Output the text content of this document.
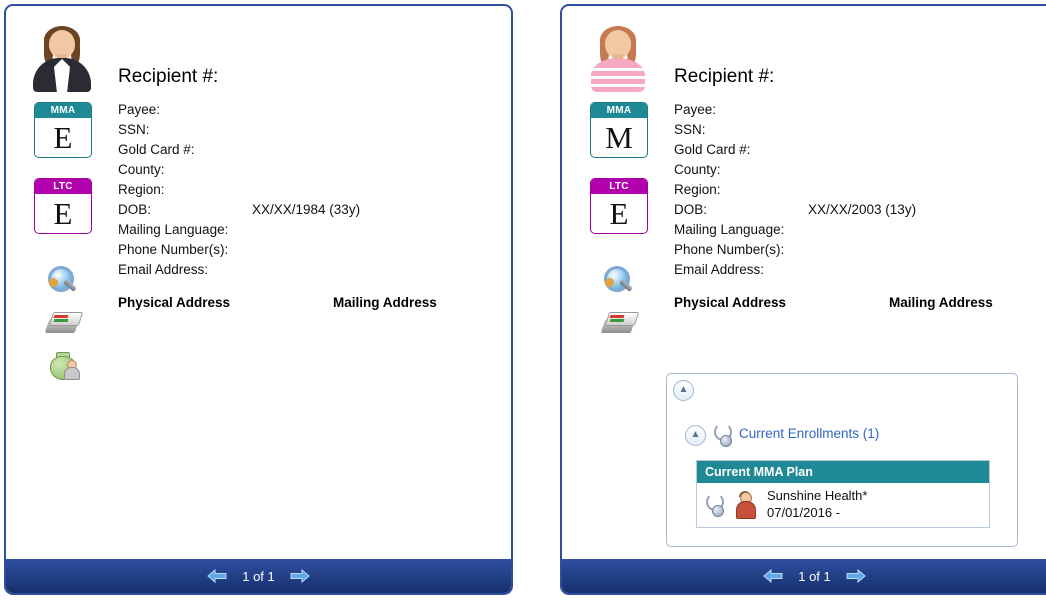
MMA
E
LTC
E
Recipient #:
Payee:
SSN:
Gold Card #:
County:
Region:
DOB:	XX/XX/1984 (33y)
Mailing Language:
Phone Number(s):
Email Address:
Physical Address	Mailing Address
1 of 1
MMA
M
LTC
E
Recipient #:
Payee:
SSN:
Gold Card #:
County:
Region:
DOB:	XX/XX/2003 (13y)
Mailing Language:
Phone Number(s):
Email Address:
Physical Address	Mailing Address
▲
▲	Current Enrollments (1)
Current MMA Plan
Sunshine Health*
07/01/2016 -
1 of 1
